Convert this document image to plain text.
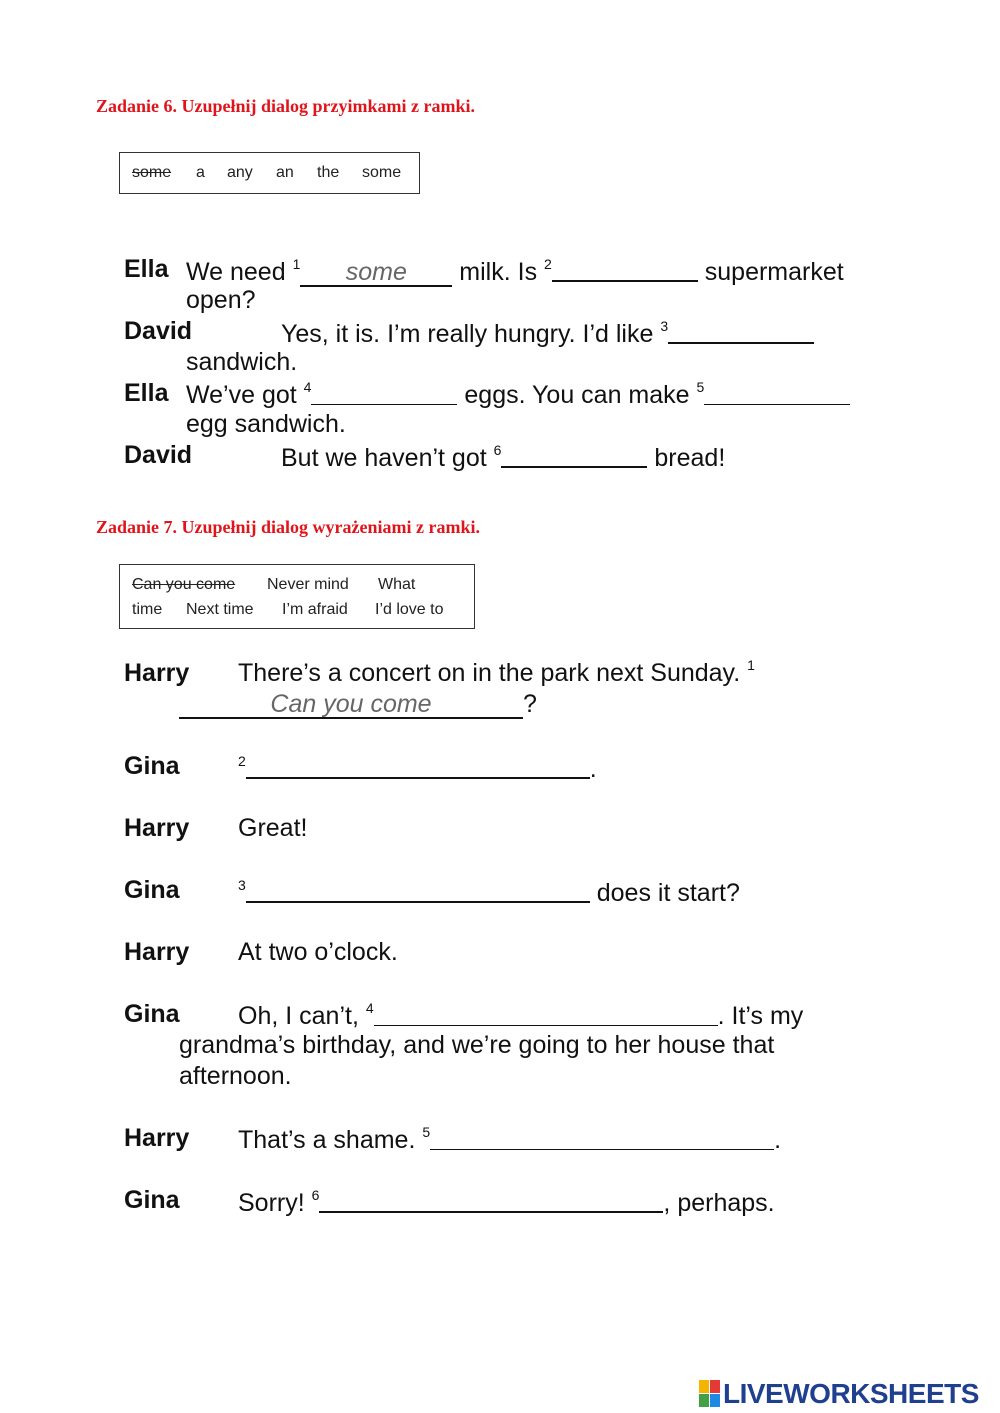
Zadanie 6. Uzupełnij dialog przyimkami z ramki.
some a any an the some
Ella We need $^1$ some milk. Is $^2$	supermarket
open?
David	Yes, it is. I’m really hungry. I’d like $^3$
sandwich.
Ella We’ve got $^4$	eggs. You can make $^5$
egg sandwich.
David	But we haven’t got $^6$	bread!
Zadanie 7. Uzupełnij dialog wyrażeniami z ramki.
Can you come Never mind What
time Next time I’m afraid I’d love to
Harry There’s a concert on in the park next Sunday. $^1$
Can you come	?
Gina	$^2$	.
Harry Great!
Gina	$^3$	does it start?
Harry At two o’clock.
Gina Oh, I can’t, $^4$	. It’s my
grandma’s birthday, and we’re going to her house that
afternoon.
Harry That’s a shame. $^5$	.
Gina Sorry! $^6$	, perhaps.
LIVEWORKSHEETS
